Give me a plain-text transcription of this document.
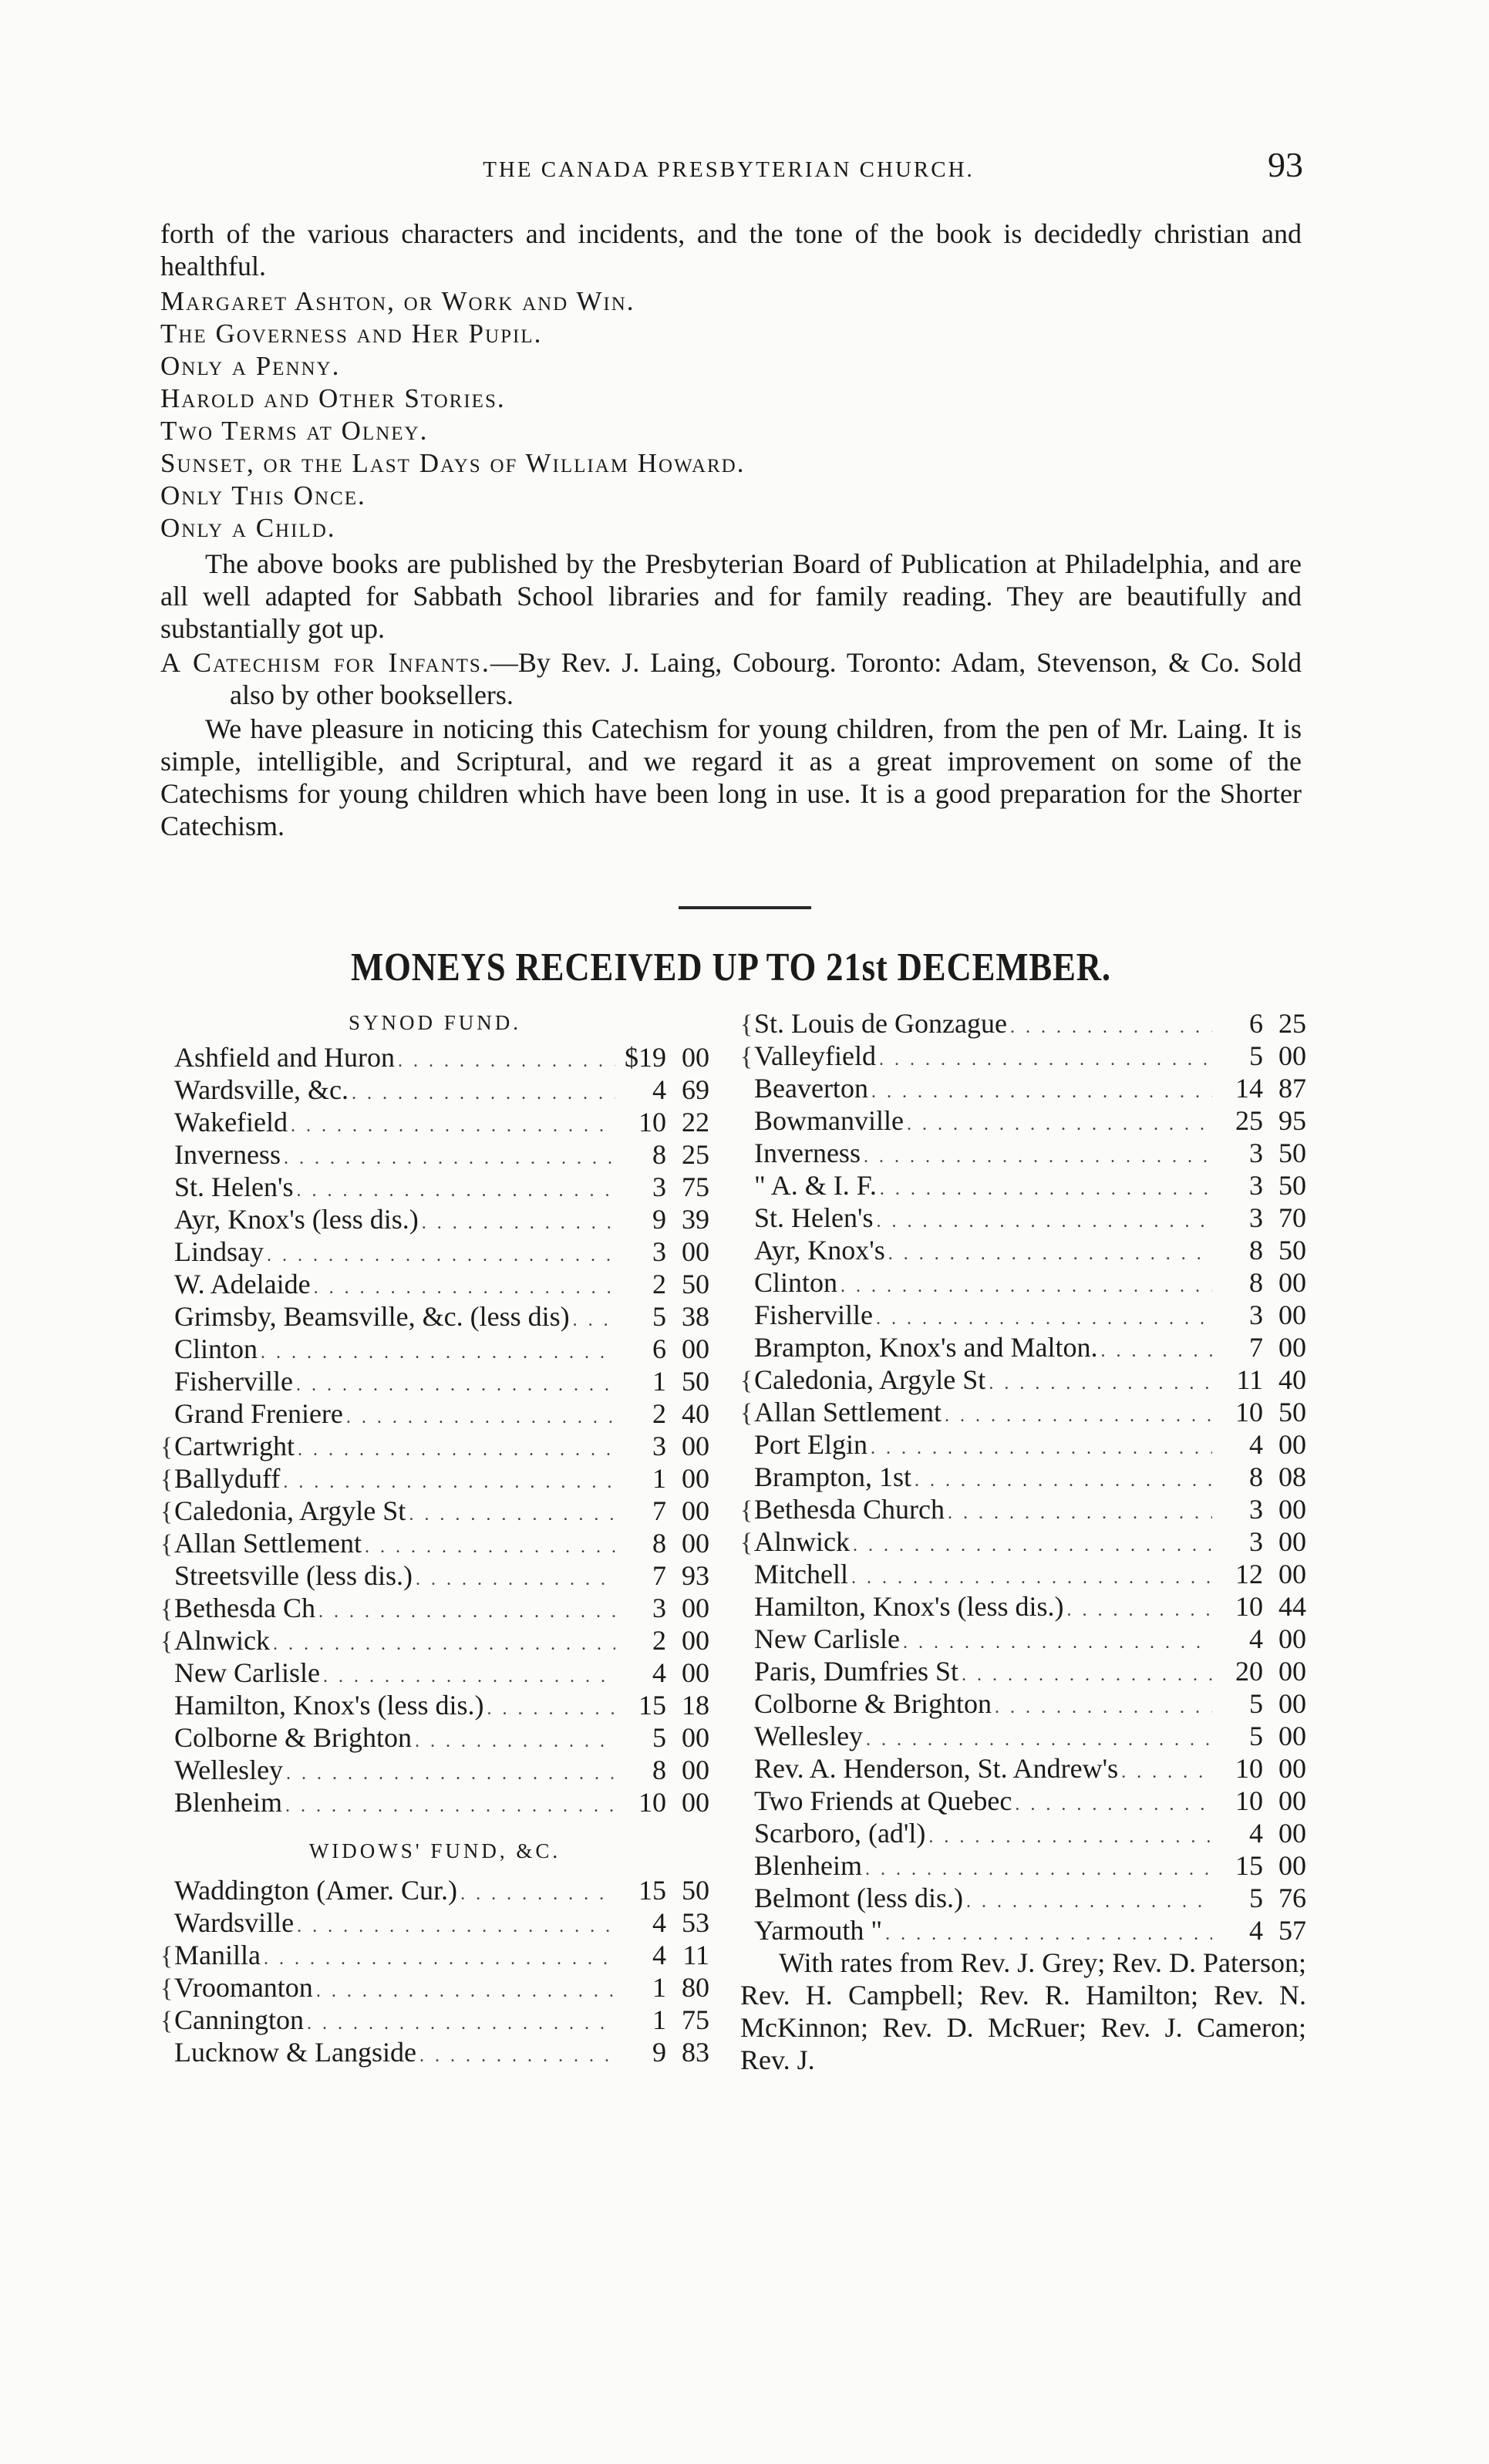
THE CANADA PRESBYTERIAN CHURCH.	93

forth of the various characters and incidents, and the tone of the book is decidedly christian and healthful.

Margaret Ashton, or Work and Win.
The Governess and Her Pupil.
Only a Penny.
Harold and Other Stories.
Two Terms at Olney.
Sunset, or the Last Days of William Howard.
Only This Once.
Only a Child.

The above books are published by the Presbyterian Board of Publication at Philadelphia, and are all well adapted for Sabbath School libraries and for family reading. They are beautifully and substantially got up.

A Catechism for Infants.—By Rev. J. Laing, Cobourg. Toronto: Adam, Stevenson, & Co. Sold also by other booksellers.

We have pleasure in noticing this Catechism for young children, from the pen of Mr. Laing. It is simple, intelligible, and Scriptural, and we regard it as a great improvement on some of the Catechisms for young children which have been long in use. It is a good preparation for the Shorter Catechism.

MONEYS RECEIVED UP TO 21st DECEMBER.
SYNOD FUND.
Ashfield and Huron . . .	$19 00
Wardsville, &c. . . .	4 69
Wakefield . . .	10 22
Inverness . . .	8 25
St. Helen's . . .	3 75
Ayr, Knox's (less dis.) . . .	9 39
Lindsay . . .	3 00
W. Adelaide . . .	2 50
Grimsby, Beamsville, &c. (less dis) . . .	5 38
Clinton . . .	6 00
Fisherville . . .	1 50
Grand Freniere . . .	2 40
{ Cartwright . . .	3 00
{ Ballyduff . . .	1 00
{ Caledonia, Argyle St . . .	7 00
{ Allan Settlement . . .	8 00
Streetsville (less dis.) . . .	7 93
{ Bethesda Ch . . .	3 00
{ Alnwick . . .	2 00
New Carlisle . . .	4 00
Hamilton, Knox's (less dis.) . . .	15 18
Colborne & Brighton . . .	5 00
Wellesley . . .	8 00
Blenheim . . .	10 00
WIDOWS' FUND, &C.
Waddington (Amer. Cur.) . . .	15 50
Wardsville . . .	4 53
{ Manilla . . .	4 11
{ Vroomanton . . .	1 80
{ Cannington . . .	1 75
Lucknow & Langside . . .	9 83
{ St. Louis de Gonzague . . .	6 25
{ Valleyfield . . .	5 00
Beaverton . . .	14 87
Bowmanville . . .	25 95
Inverness . . .	3 50
" A. & I. F. . . .	3 50
St. Helen's . . .	3 70
Ayr, Knox's . . .	8 50
Clinton . . .	8 00
Fisherville . . .	3 00
Brampton, Knox's and Malton. . . .	7 00
{ Caledonia, Argyle St . . .	11 40
{ Allan Settlement . . .	10 50
Port Elgin . . .	4 00
Brampton, 1st . . .	8 08
{ Bethesda Church . . .	3 00
{ Alnwick . . .	3 00
Mitchell . . .	12 00
Hamilton, Knox's (less dis.) . . .	10 44
New Carlisle . . .	4 00
Paris, Dumfries St . . .	20 00
Colborne & Brighton . . .	5 00
Wellesley . . .	5 00
Rev. A. Henderson, St. Andrew's . . .	10 00
Two Friends at Quebec . . .	10 00
Scarboro, (ad'l) . . .	4 00
Blenheim . . .	15 00
Belmont (less dis.) . . .	5 76
Yarmouth " . . .	4 57
With rates from Rev. J. Grey; Rev. D. Paterson; Rev. H. Campbell; Rev. R. Hamilton; Rev. N. McKinnon; Rev. D. McRuer; Rev. J. Cameron; Rev. J.
